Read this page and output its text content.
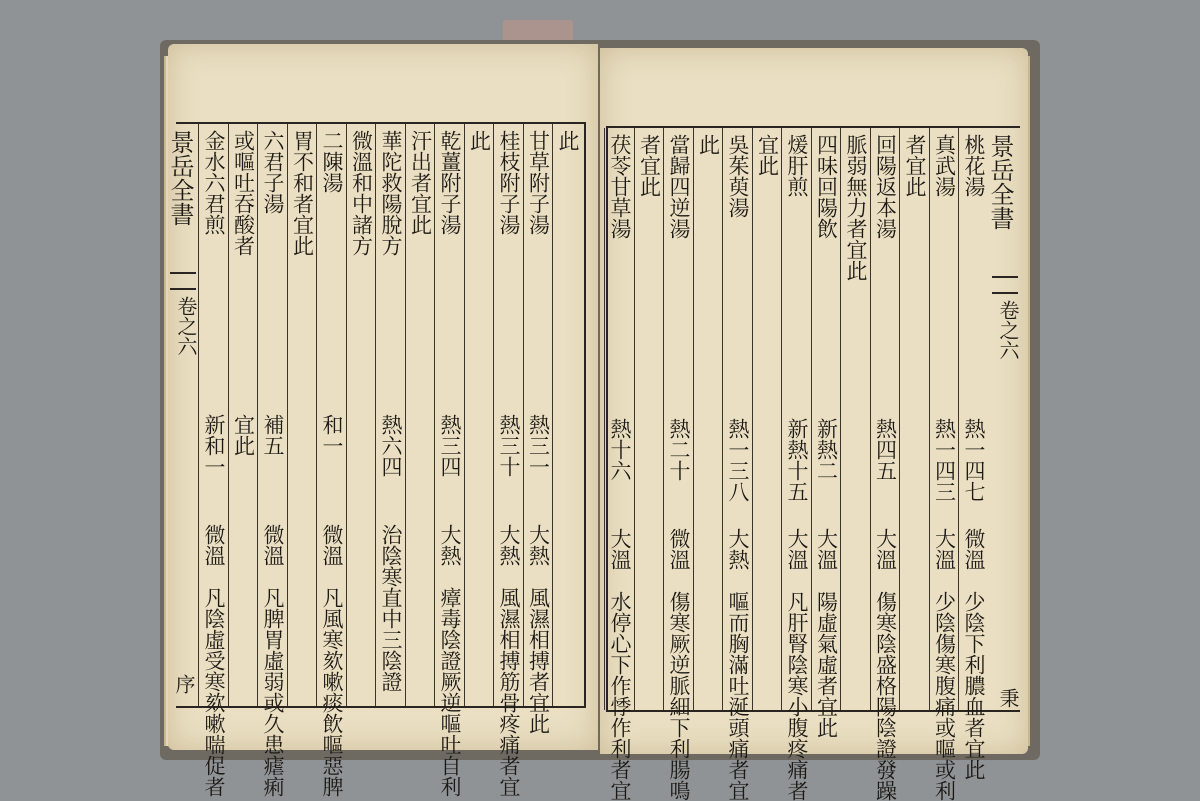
此
甘草附子湯
熱三一
大熱　風濕相搏者宜此
桂枝附子湯
熱三十
大熱　風濕相搏筋骨疼痛者宜
此
乾薑附子湯
熱三四
大熱　瘴毒陰證厥逆嘔吐自利
汗出者宜此
華陀救陽脫方
熱六四
治陰寒直中三陰證
微溫和中諸方
二陳湯
和一
微溫　凡風寒欬嗽痰飲嘔惡脾
胃不和者宜此
六君子湯
補五
微溫　凡脾胃虛弱或久患瘧痢
或嘔吐吞酸者
宜此
金水六君煎
新和一
微溫　凡陰虛受寒欬嗽喘促者
景岳全書
卷之六
序
桃花湯
熱一四七
微溫　少陰下利膿血者宜此
真武湯
熱一四三
大溫　少陰傷寒腹痛或嘔或利
者宜此
回陽返本湯
熱四五
大溫　傷寒陰盛格陽陰證發躁
脈弱無力者宜此
四味回陽飲
新熱二
大溫　陽虛氣虛者宜此
煖肝煎
新熱十五
大溫　凡肝腎陰寒小腹疼痛者
宜此
吳茱萸湯
熱一三八
大熱　嘔而胸滿吐涎頭痛者宜
此
當歸四逆湯
熱二十
微溫　傷寒厥逆脈細下利腸鳴
者宜此
茯苓甘草湯
熱十六
大溫　水停心下作悸作利者宜
景岳全書
卷之六
秉
